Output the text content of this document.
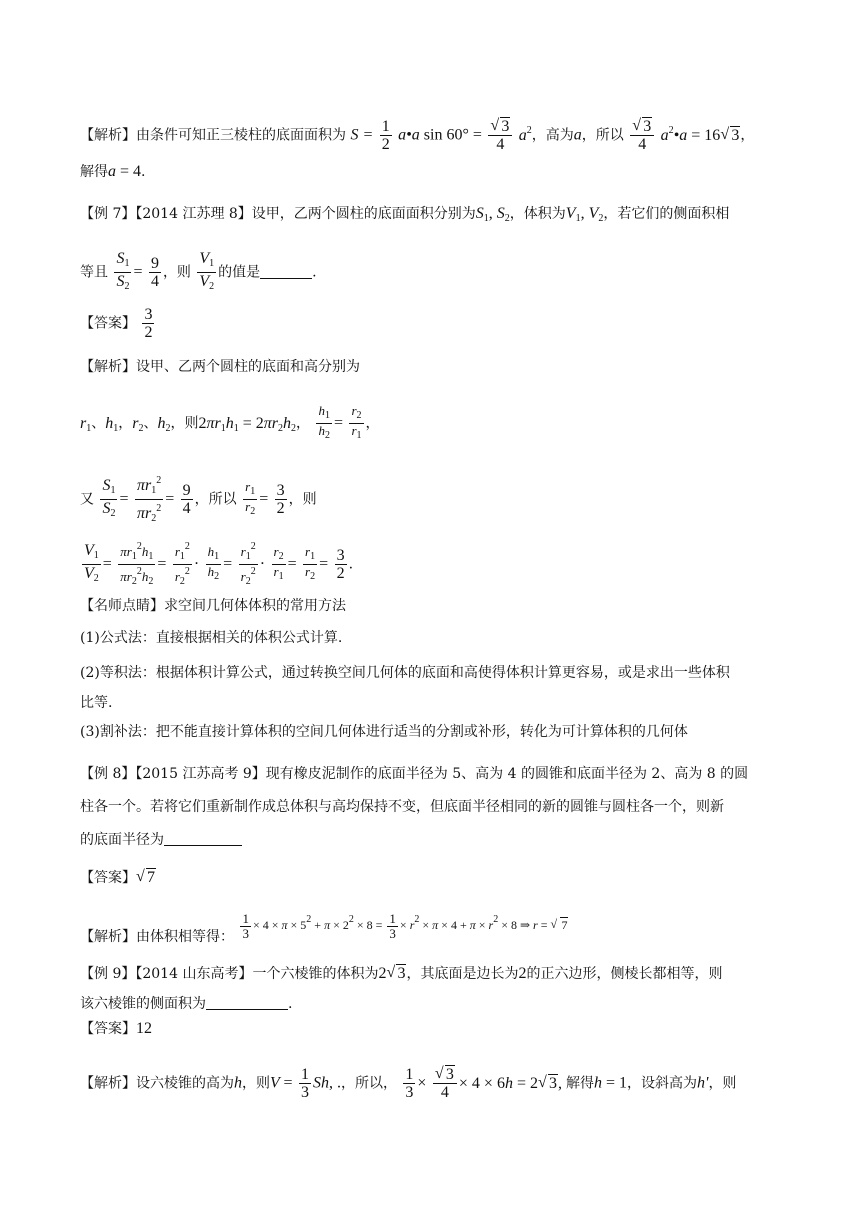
【解析】由条件可知正三棱柱的底面面积为 $S = \frac{1}{2}$ a•a sin 60° =
√ $\frac{3}{4} a^2$，高为a，所以
√ $\frac{3}{4}$ $a^2•a = 16√$ 3，
解得a = 4.
【例 7】【2014 江苏理 8】设甲，乙两个圆柱的底面面积分别为$S_1$, $S_2$，体积为$V_1$, $V_2$，若它们的侧面积相
等且 $\frac{S_1}{S_2} = \frac{9}{4}$ ，则 $\frac{V_1}{V_2}$ 的值是	.
【答案】 $\frac{3}{2}$
【解析】设甲、乙两个圆柱的底面和高分别为
$r_1$、$h_1$，$r_2$、$h_2$，则$2\pi r_1h_1 = 2\pi r_2h_2$， $\frac{h_1}{h_2} = \frac{r_2}{r_1}$ ，
又 $\frac{S_1}{S_2} = \frac{\pi r_1^2}{\pi r_2^2} = \frac{9}{4}$ ，所以 $\frac{r_1}{r_2} = \frac{3}{2}$ ，则
$\frac{V_1}{V_2} = \frac{\pi r_1^2h_1}{\pi r_2^2h_2} = \frac{r_1^2}{r_2^2} \cdot \frac{h_1}{h_2} = \frac{r_1^2}{r_2^2} \cdot \frac{r_2}{r_1} = \frac{r_1}{r_2} = \frac{3}{2}$ .
【名师点睛】求空间几何体体积的常用方法
(1)公式法：直接根据相关的体积公式计算.
(2)等积法：根据体积计算公式，通过转换空间几何体的底面和高使得体积计算更容易，或是求出一些体积
比等.
(3)割补法：把不能直接计算体积的空间几何体进行适当的分割或补形，转化为可计算体积的几何体
【例 8】【2015 江苏高考 9】现有橡皮泥制作的底面半径为 5、高为 4 的圆锥和底面半径为 2、高为 8 的圆
柱各一个。若将它们重新制作成总体积与高均保持不变，但底面半径相同的新的圆锥与圆柱各一个，则新
的底面半径为
【答案】√ 7
【解析】由体积相等得： $\frac{1}{3} \times 4 \times \pi \times 5^2 + \pi \times 2^2 \times 8 = \frac{1}{3} \times r^2 \times \pi \times 4 + \pi \times r^2 \times 8$ ⇒ r = √ 7
【例 9】【2014 山东高考】一个六棱锥的体积为2√ 3，其底面是边长为2的正六边形，侧棱长都相等，则
该六棱锥的侧面积为	.
【答案】12
【解析】设六棱锥的高为h，则$V = \frac{1}{3} Sh$, .，所以， $\frac{1}{3}$ ×
√ $\frac{3}{4} \times 4 \times 6h = 2√$ 3, 解得h = 1，设斜高为h'，则
